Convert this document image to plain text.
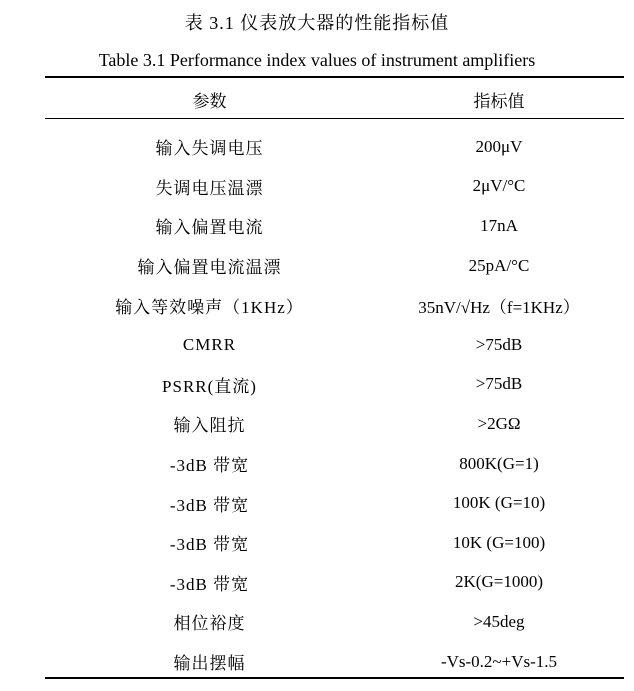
表 3.1 仪表放大器的性能指标值
Table 3.1 Performance index values of instrument amplifiers
参数	指标值
输入失调电压	200μV
失调电压温漂	2μV/°C
输入偏置电流	17nA
输入偏置电流温漂	25pA/°C
输入等效噪声（1KHz）	35nV/√Hz（f=1KHz）
CMRR	>75dB
PSRR(直流)	>75dB
输入阻抗	>2GΩ
-3dB 带宽	800K(G=1)
-3dB 带宽	100K (G=10)
-3dB 带宽	10K (G=100)
-3dB 带宽	2K(G=1000)
相位裕度	>45deg
输出摆幅	-Vs-0.2~+Vs-1.5
